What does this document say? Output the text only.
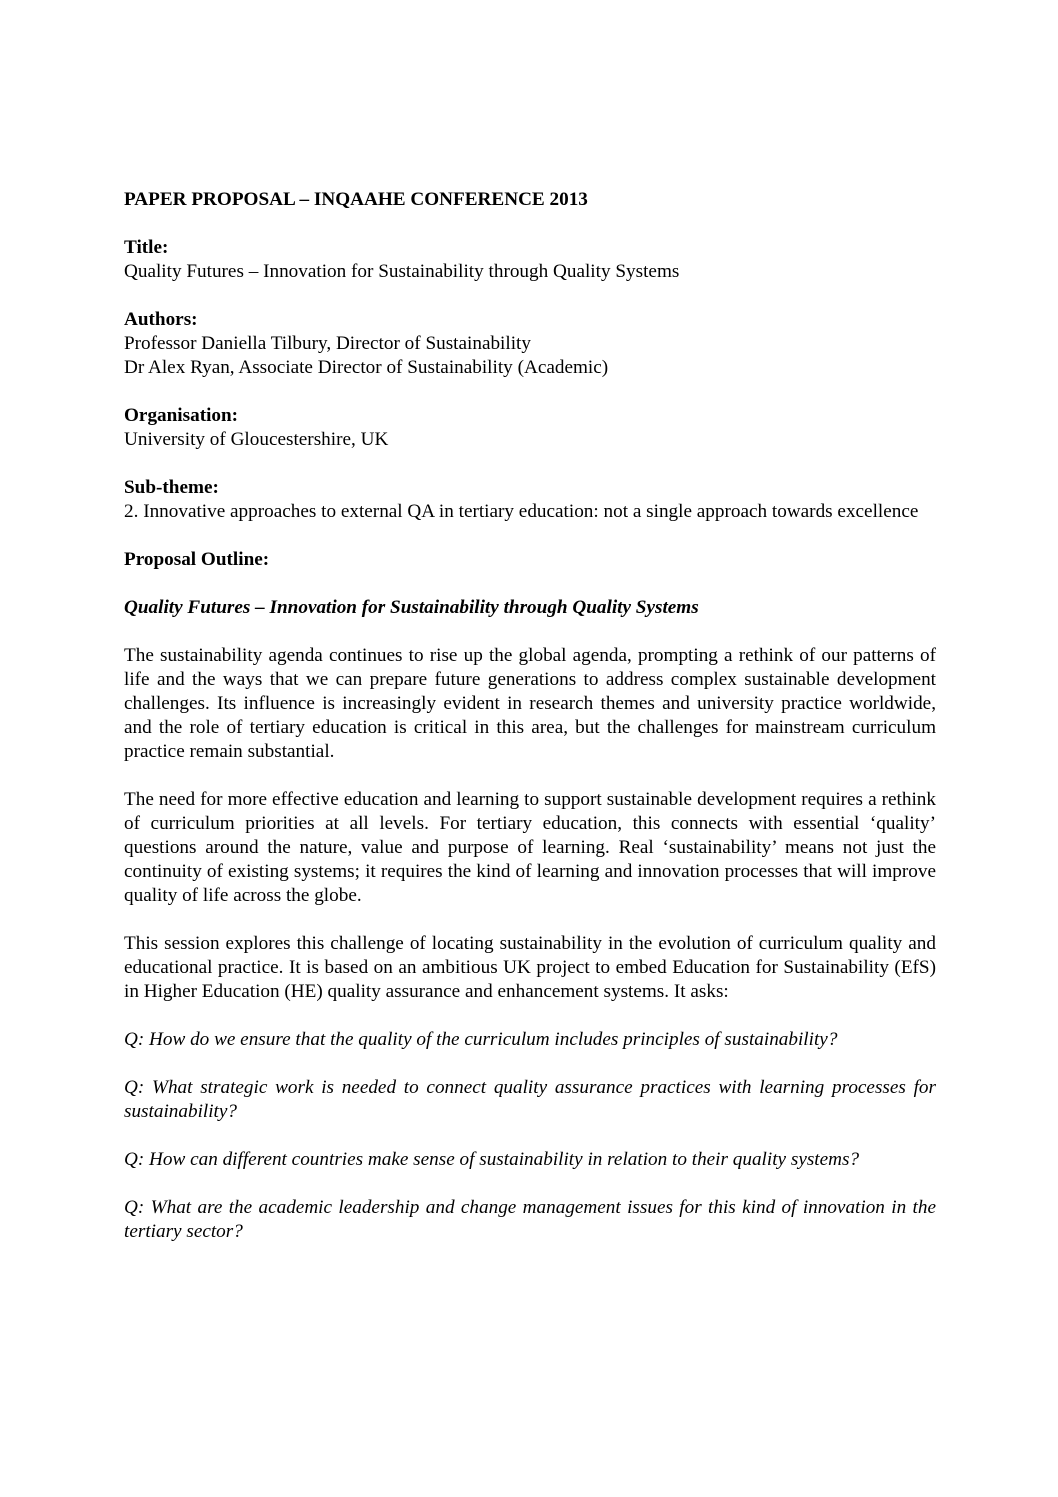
PAPER PROPOSAL – INQAAHE CONFERENCE 2013

Title:

Quality Futures – Innovation for Sustainability through Quality Systems

Authors:

Professor Daniella Tilbury, Director of Sustainability

Dr Alex Ryan, Associate Director of Sustainability (Academic)

Organisation:

University of Gloucestershire, UK

Sub-theme:

2. Innovative approaches to external QA in tertiary education: not a single approach towards excellence

Proposal Outline:

Quality Futures – Innovation for Sustainability through Quality Systems

The sustainability agenda continues to rise up the global agenda, prompting a rethink of our patterns of life and the ways that we can prepare future generations to address complex sustainable development challenges. Its influence is increasingly evident in research themes and university practice worldwide, and the role of tertiary education is critical in this area, but the challenges for mainstream curriculum practice remain substantial.

The need for more effective education and learning to support sustainable development requires a rethink of curriculum priorities at all levels. For tertiary education, this connects with essential ‘quality’ questions around the nature, value and purpose of learning. Real ‘sustainability’ means not just the continuity of existing systems; it requires the kind of learning and innovation processes that will improve quality of life across the globe.

This session explores this challenge of locating sustainability in the evolution of curriculum quality and educational practice. It is based on an ambitious UK project to embed Education for Sustainability (EfS) in Higher Education (HE) quality assurance and enhancement systems. It asks:

Q: How do we ensure that the quality of the curriculum includes principles of sustainability?

Q: What strategic work is needed to connect quality assurance practices with learning processes for sustainability?

Q: How can different countries make sense of sustainability in relation to their quality systems?

Q: What are the academic leadership and change management issues for this kind of innovation in the tertiary sector?
